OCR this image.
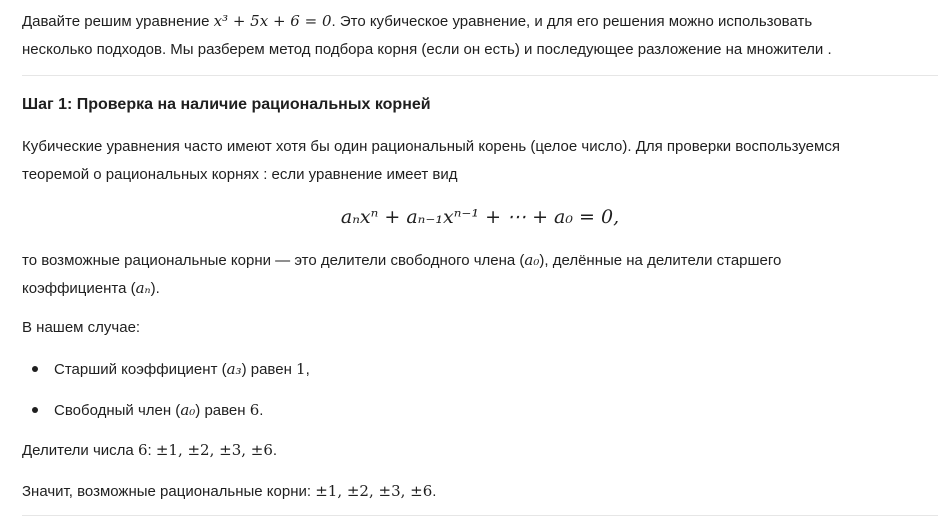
Давайте решим уравнение x³ + 5x + 6 = 0. Это кубическое уравнение, и для его решения можно использовать
несколько подходов. Мы разберем метод подбора корня (если он есть) и последующее разложение на множители .
Шаг 1: Проверка на наличие рациональных корней
Кубические уравнения часто имеют хотя бы один рациональный корень (целое число). Для проверки воспользуемся
теоремой о рациональных корнях : если уравнение имеет вид
aₙxⁿ + aₙ₋₁xⁿ⁻¹ + ⋯ + a₀ = 0,
то возможные рациональные корни — это делители свободного члена (a₀), делённые на делители старшего
коэффициента (aₙ).
В нашем случае:
Старший коэффициент (a₃) равен 1,
Свободный член (a₀) равен 6.
Делители числа 6: ±1, ±2, ±3, ±6.
Значит, возможные рациональные корни: ±1, ±2, ±3, ±6.
